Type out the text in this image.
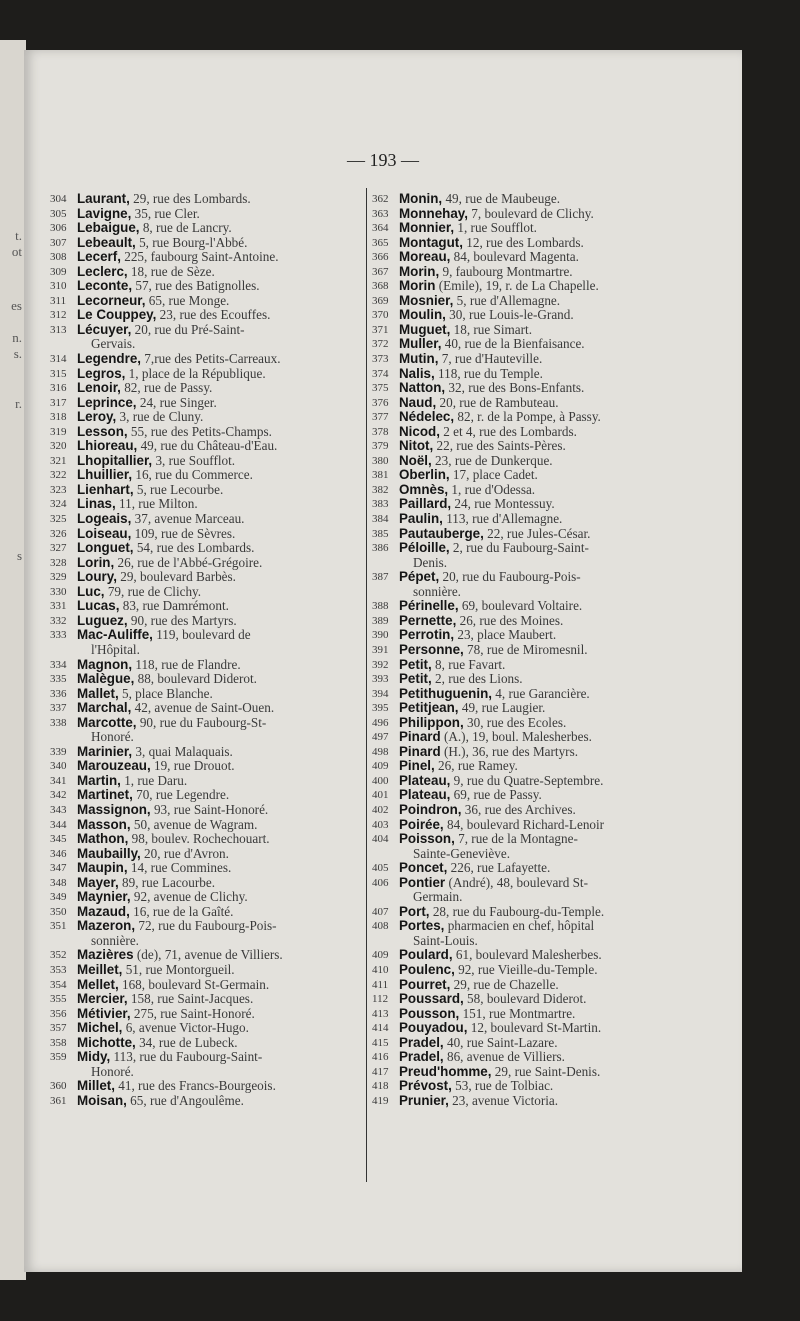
t.
ot
es
n.
s.
r.
s
— 193 —
304 Laurant, 29, rue des Lombards.
305 Lavigne, 35, rue Cler.
306 Lebaigue, 8, rue de Lancry.
307 Lebeault, 5, rue Bourg-l'Abbé.
308 Lecerf, 225, faubourg Saint-Antoine.
309 Leclerc, 18, rue de Sèze.
310 Leconte, 57, rue des Batignolles.
311 Lecorneur, 65, rue Monge.
312 Le Couppey, 23, rue des Ecouffes.
313 Lécuyer, 20, rue du Pré-Saint-
Gervais.
314 Legendre, 7,rue des Petits-Carreaux.
315 Legros, 1, place de la République.
316 Lenoir, 82, rue de Passy.
317 Leprince, 24, rue Singer.
318 Leroy, 3, rue de Cluny.
319 Lesson, 55, rue des Petits-Champs.
320 Lhioreau, 49, rue du Château-d'Eau.
321 Lhopitallier, 3, rue Soufflot.
322 Lhuillier, 16, rue du Commerce.
323 Lienhart, 5, rue Lecourbe.
324 Linas, 11, rue Milton.
325 Logeais, 37, avenue Marceau.
326 Loiseau, 109, rue de Sèvres.
327 Longuet, 54, rue des Lombards.
328 Lorin, 26, rue de l'Abbé-Grégoire.
329 Loury, 29, boulevard Barbès.
330 Luc, 79, rue de Clichy.
331 Lucas, 83, rue Damrémont.
332 Luguez, 90, rue des Martyrs.
333 Mac-Auliffe, 119, boulevard de
l'Hôpital.
334 Magnon, 118, rue de Flandre.
335 Malègue, 88, boulevard Diderot.
336 Mallet, 5, place Blanche.
337 Marchal, 42, avenue de Saint-Ouen.
338 Marcotte, 90, rue du Faubourg-St-
Honoré.
339 Marinier, 3, quai Malaquais.
340 Marouzeau, 19, rue Drouot.
341 Martin, 1, rue Daru.
342 Martinet, 70, rue Legendre.
343 Massignon, 93, rue Saint-Honoré.
344 Masson, 50, avenue de Wagram.
345 Mathon, 98, boulev. Rochechouart.
346 Maubailly, 20, rue d'Avron.
347 Maupin, 14, rue Commines.
348 Mayer, 89, rue Lacourbe.
349 Maynier, 92, avenue de Clichy.
350 Mazaud, 16, rue de la Gaîté.
351 Mazeron, 72, rue du Faubourg-Pois-
sonnière.
352 Mazières (de), 71, avenue de Villiers.
353 Meillet, 51, rue Montorgueil.
354 Mellet, 168, boulevard St-Germain.
355 Mercier, 158, rue Saint-Jacques.
356 Métivier, 275, rue Saint-Honoré.
357 Michel, 6, avenue Victor-Hugo.
358 Michotte, 34, rue de Lubeck.
359 Midy, 113, rue du Faubourg-Saint-
Honoré.
360 Millet, 41, rue des Francs-Bourgeois.
361 Moisan, 65, rue d'Angoulême.
362 Monin, 49, rue de Maubeuge.
363 Monnehay, 7, boulevard de Clichy.
364 Monnier, 1, rue Soufflot.
365 Montagut, 12, rue des Lombards.
366 Moreau, 84, boulevard Magenta.
367 Morin, 9, faubourg Montmartre.
368 Morin (Emile), 19, r. de La Chapelle.
369 Mosnier, 5, rue d'Allemagne.
370 Moulin, 30, rue Louis-le-Grand.
371 Muguet, 18, rue Simart.
372 Muller, 40, rue de la Bienfaisance.
373 Mutin, 7, rue d'Hauteville.
374 Nalis, 118, rue du Temple.
375 Natton, 32, rue des Bons-Enfants.
376 Naud, 20, rue de Rambuteau.
377 Nédelec, 82, r. de la Pompe, à Passy.
378 Nicod, 2 et 4, rue des Lombards.
379 Nitot, 22, rue des Saints-Pères.
380 Noël, 23, rue de Dunkerque.
381 Oberlin, 17, place Cadet.
382 Omnès, 1, rue d'Odessa.
383 Paillard, 24, rue Montessuy.
384 Paulin, 113, rue d'Allemagne.
385 Pautauberge, 22, rue Jules-César.
386 Péloille, 2, rue du Faubourg-Saint-
Denis.
387 Pépet, 20, rue du Faubourg-Pois-
sonnière.
388 Périnelle, 69, boulevard Voltaire.
389 Pernette, 26, rue des Moines.
390 Perrotin, 23, place Maubert.
391 Personne, 78, rue de Miromesnil.
392 Petit, 8, rue Favart.
393 Petit, 2, rue des Lions.
394 Petithuguenin, 4, rue Garancière.
395 Petitjean, 49, rue Laugier.
496 Philippon, 30, rue des Ecoles.
497 Pinard (A.), 19, boul. Malesherbes.
498 Pinard (H.), 36, rue des Martyrs.
409 Pinel, 26, rue Ramey.
400 Plateau, 9, rue du Quatre-Septembre.
401 Plateau, 69, rue de Passy.
402 Poindron, 36, rue des Archives.
403 Poirée, 84, boulevard Richard-Lenoir
404 Poisson, 7, rue de la Montagne-
Sainte-Geneviève.
405 Poncet, 226, rue Lafayette.
406 Pontier (André), 48, boulevard St-
Germain.
407 Port, 28, rue du Faubourg-du-Temple.
408 Portes, pharmacien en chef, hôpital
Saint-Louis.
409 Poulard, 61, boulevard Malesherbes.
410 Poulenc, 92, rue Vieille-du-Temple.
411 Pourret, 29, rue de Chazelle.
112 Poussard, 58, boulevard Diderot.
413 Pousson, 151, rue Montmartre.
414 Pouyadou, 12, boulevard St-Martin.
415 Pradel, 40, rue Saint-Lazare.
416 Pradel, 86, avenue de Villiers.
417 Preud'homme, 29, rue Saint-Denis.
418 Prévost, 53, rue de Tolbiac.
419 Prunier, 23, avenue Victoria.
